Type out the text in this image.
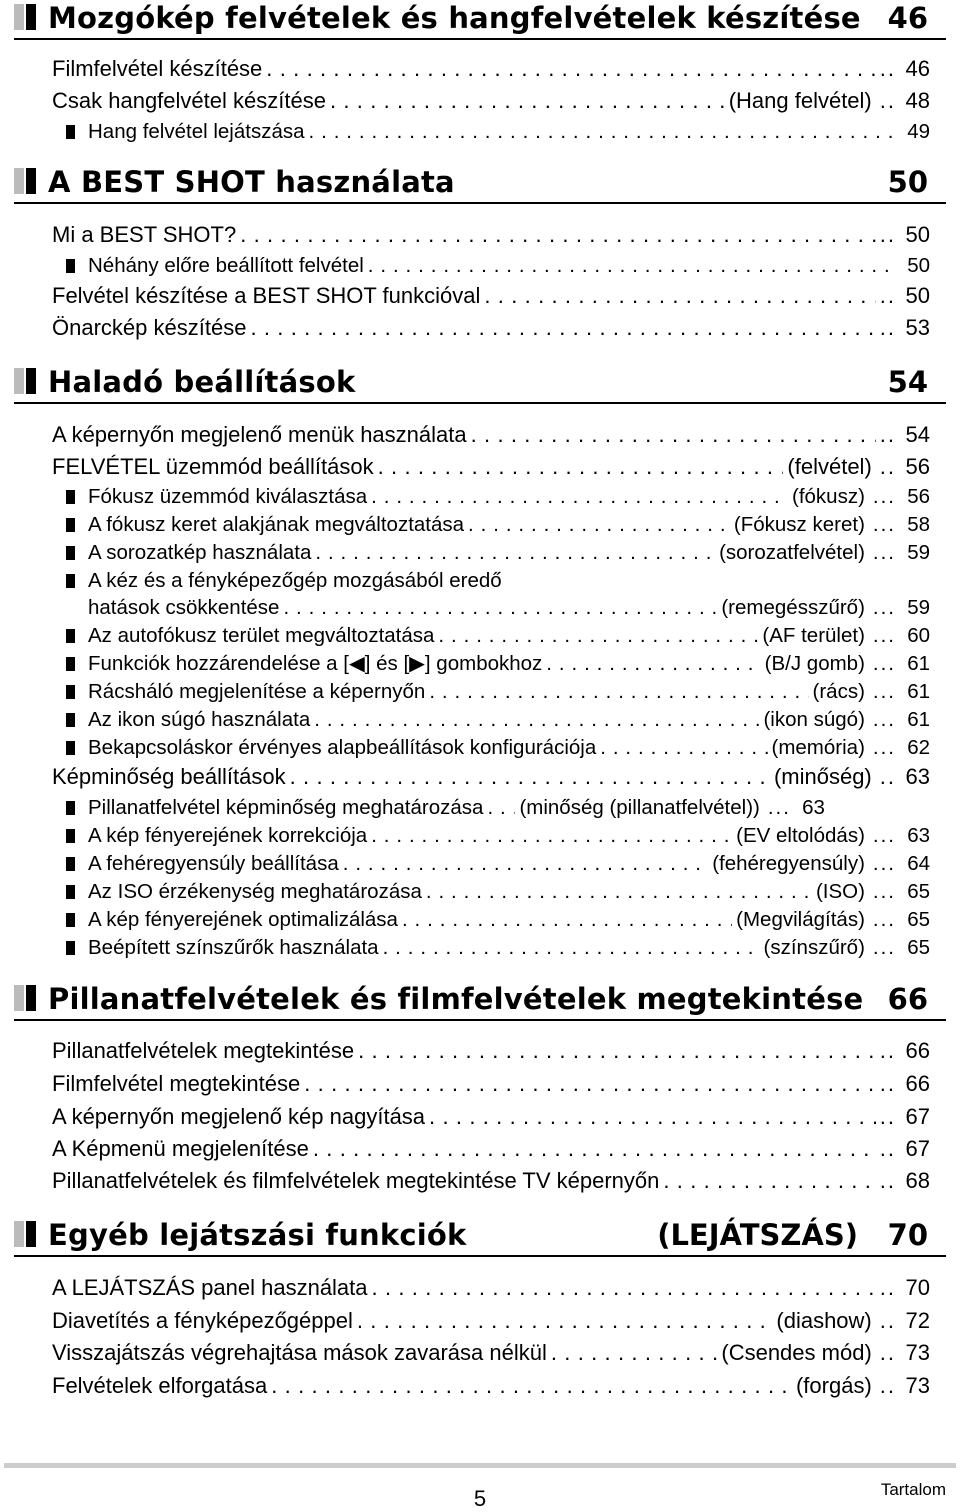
Mozgókép felvételek és hangfelvételek készítése 46
Filmfelvétel készítése . . .	.. 46
Csak hangfelvétel készítése . . .	(Hang felvétel) .. 48
Hang felvétel lejátszása . . .	49
A BEST SHOT használata	50
Mi a BEST SHOT? . . .	.. 50
Néhány előre beállított felvétel . . .	50
Felvétel készítése a BEST SHOT funkcióval . . .	.. 50
Önarckép készítése . . .	.. 53
Haladó beállítások	54
A képernyőn megjelenő menük használata . . .	.. 54
FELVÉTEL üzemmód beállítások . . .	(felvétel) .. 56
Fókusz üzemmód kiválasztása . . .	(fókusz) ... 56
A fókusz keret alakjának megváltoztatása . . .	(Fókusz keret) ... 58
A sorozatkép használata . . .	(sorozatfelvétel) ... 59
A kéz és a fényképezőgép mozgásából eredő
hatások csökkentése . . .	(remegésszűrő) ... 59
Az autofókusz terület megváltoztatása . . .	(AF terület) ... 60
Funkciók hozzárendelése a [◀] és [▶] gombokhoz . . .	(B/J gomb) ... 61
Rácsháló megjelenítése a képernyőn . . .	(rács) ... 61
Az ikon súgó használata . . .	(ikon súgó) ... 61
Bekapcsoláskor érvényes alapbeállítások konfigurációja . . .	(memória) ... 62
Képminőség beállítások . . .	(minőség) .. 63
Pillanatfelvétel képminőség meghatározása . . . (minőség (pillanatfelvétel)) ... 63
A kép fényerejének korrekciója . . .	(EV eltolódás) ... 63
A fehéregyensúly beállítása . . .	(fehéregyensúly) ... 64
Az ISO érzékenység meghatározása . . .	(ISO) ... 65
A kép fényerejének optimalizálása . . .	(Megvilágítás) ... 65
Beépített színszűrők használata . . .	(színszűrő) ... 65
Pillanatfelvételek és filmfelvételek megtekintése 66
Pillanatfelvételek megtekintése . . .	.. 66
Filmfelvétel megtekintése . . .	.. 66
A képernyőn megjelenő kép nagyítása . . .	.. 67
A Képmenü megjelenítése . . .	.. 67
Pillanatfelvételek és filmfelvételek megtekintése TV képernyőn . . .	.. 68
Egyéb lejátszási funkciók	(LEJÁTSZÁS) 70
A LEJÁTSZÁS panel használata . . .	.. 70
Diavetítés a fényképezőgéppel . . .	(diashow) .. 72
Visszajátszás végrehajtása mások zavarása nélkül . . .	(Csendes mód) .. 73
Felvételek elforgatása . . .	(forgás) .. 73
5	Tartalom
